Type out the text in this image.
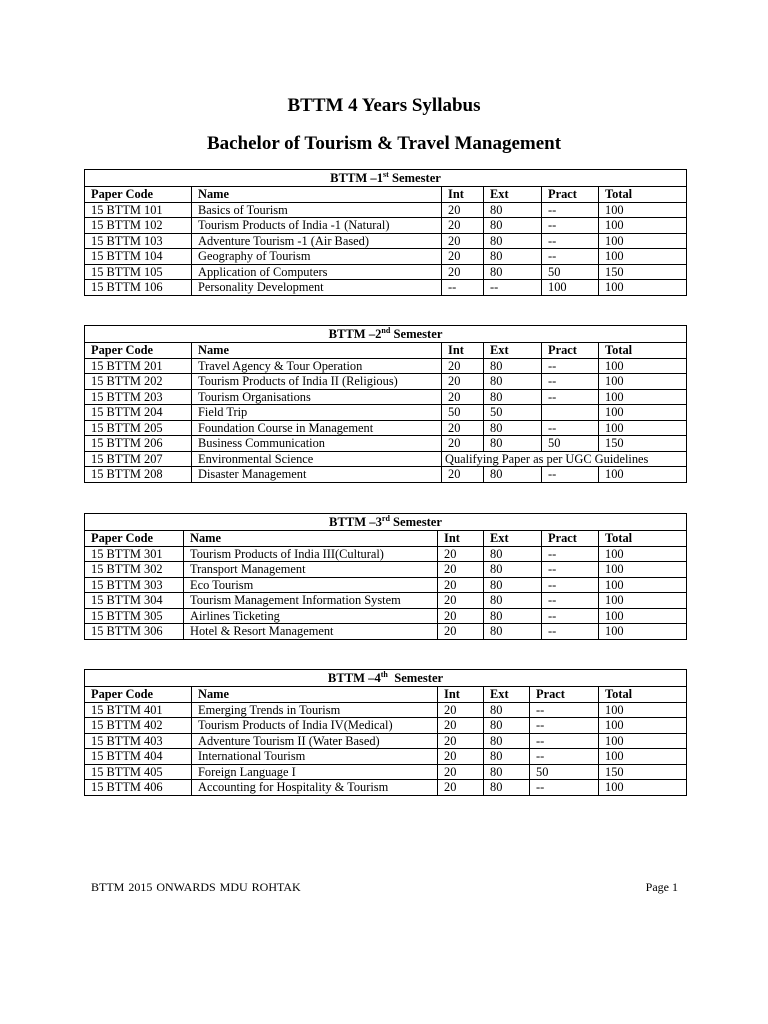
BTTM 4 Years Syllabus
Bachelor of Tourism & Travel Management
BTTM –1st Semester					
Paper Code	Name	Int	Ext	Pract	Total
15 BTTM 101	Basics of Tourism	20	80	--	100
15 BTTM 102	Tourism Products of India -1 (Natural)	20	80	--	100
15 BTTM 103	Adventure Tourism -1 (Air Based)	20	80	--	100
15 BTTM 104	Geography of Tourism	20	80	--	100
15 BTTM 105	Application of Computers	20	80	50	150
15 BTTM 106	Personality Development	--	--	100	100
BTTM –2nd Semester					
Paper Code	Name	Int	Ext	Pract	Total
15 BTTM 201	Travel Agency & Tour Operation	20	80	--	100
15 BTTM 202	Tourism Products of India II (Religious)	20	80	--	100
15 BTTM 203	Tourism Organisations	20	80	--	100
15 BTTM 204	Field Trip	50	50		100
15 BTTM 205	Foundation Course in Management	20	80	--	100
15 BTTM 206	Business Communication	20	80	50	150
15 BTTM 207	Environmental Science	Qualifying Paper as per UGC Guidelines			
15 BTTM 208	Disaster Management	20	80	--	100
BTTM –3rd Semester					
Paper Code	Name	Int	Ext	Pract	Total
15 BTTM 301	Tourism Products of India III(Cultural)	20	80	--	100
15 BTTM 302	Transport Management	20	80	--	100
15 BTTM 303	Eco Tourism	20	80	--	100
15 BTTM 304	Tourism Management Information System	20	80	--	100
15 BTTM 305	Airlines Ticketing	20	80	--	100
15 BTTM 306	Hotel & Resort Management	20	80	--	100
BTTM –4th  Semester					
Paper Code	Name	Int	Ext	Pract	Total
15 BTTM 401	Emerging Trends in Tourism	20	80	--	100
15 BTTM 402	Tourism Products of India IV(Medical)	20	80	--	100
15 BTTM 403	Adventure Tourism II (Water Based)	20	80	--	100
15 BTTM 404	International Tourism	20	80	--	100
15 BTTM 405	Foreign Language I	20	80	50	150
15 BTTM 406	Accounting for Hospitality & Tourism	20	80	--	100

BTTM 2015 ONWARDS MDU ROHTAK	Page 1
